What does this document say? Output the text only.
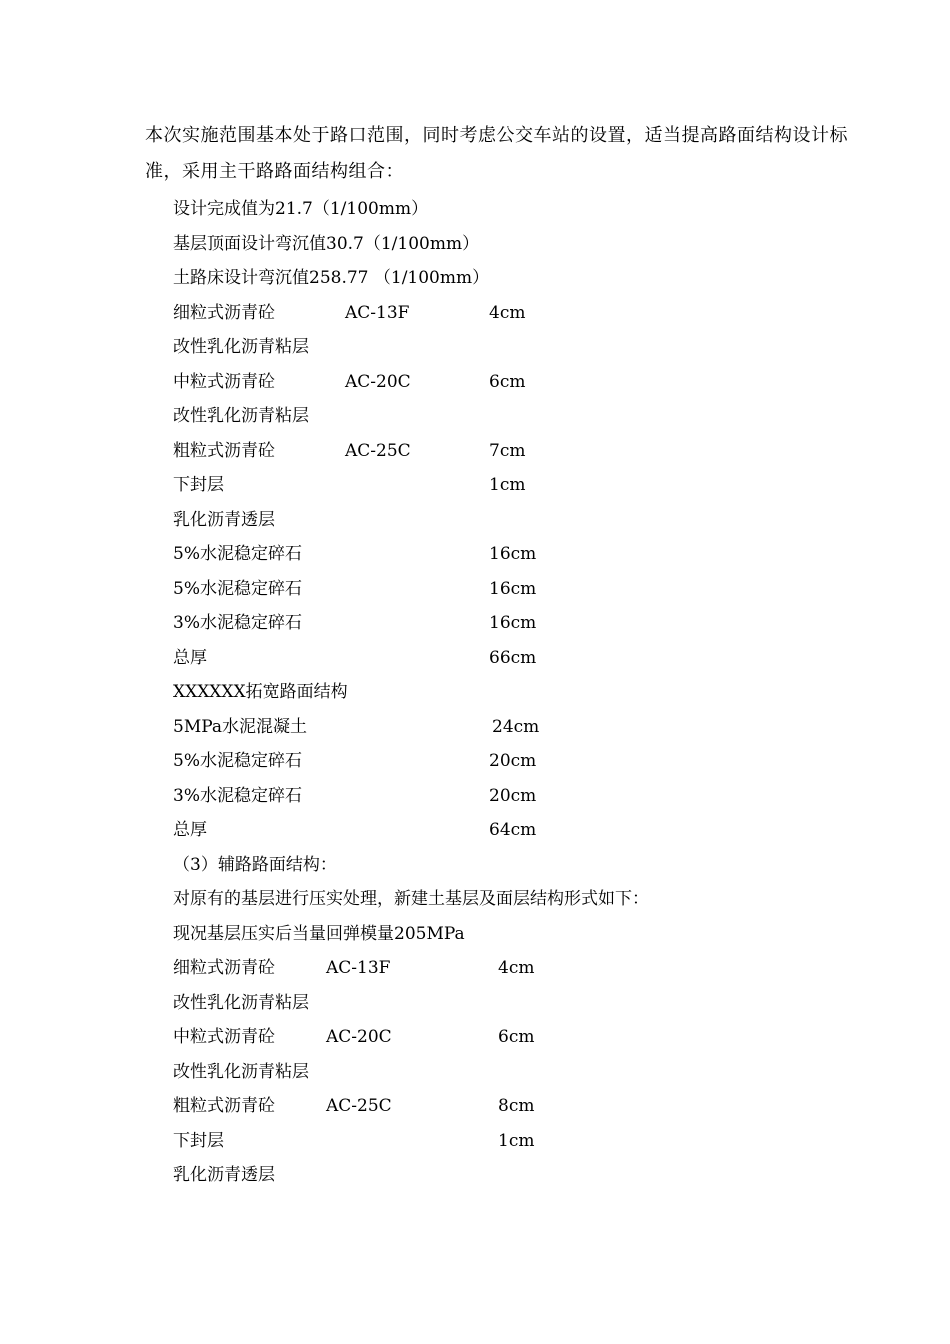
本次实施范围基本处于路口范围，同时考虑公交车站的设置，适当提高路面结构设计标准，采用主干路路面结构组合：

设计完成值为21.7（1/100mm）
基层顶面设计弯沉值30.7（1/100mm）
土路床设计弯沉值258.77 （1/100mm）
细粒式沥青砼	AC-13F	4cm
改性乳化沥青粘层
中粒式沥青砼	AC-20C	6cm
改性乳化沥青粘层
粗粒式沥青砼	AC-25C	7cm
下封层	1cm
乳化沥青透层
5%水泥稳定碎石	16cm
5%水泥稳定碎石	16cm
3%水泥稳定碎石	16cm
总厚	66cm
XXXXXX拓宽路面结构
5MPa水泥混凝土	24cm
5%水泥稳定碎石	20cm
3%水泥稳定碎石	20cm
总厚	64cm
（3）辅路路面结构：
对原有的基层进行压实处理，新建土基层及面层结构形式如下：
现况基层压实后当量回弹模量205MPa
细粒式沥青砼	AC-13F	4cm
改性乳化沥青粘层
中粒式沥青砼	AC-20C	6cm
改性乳化沥青粘层
粗粒式沥青砼	AC-25C	8cm
下封层	1cm
乳化沥青透层
